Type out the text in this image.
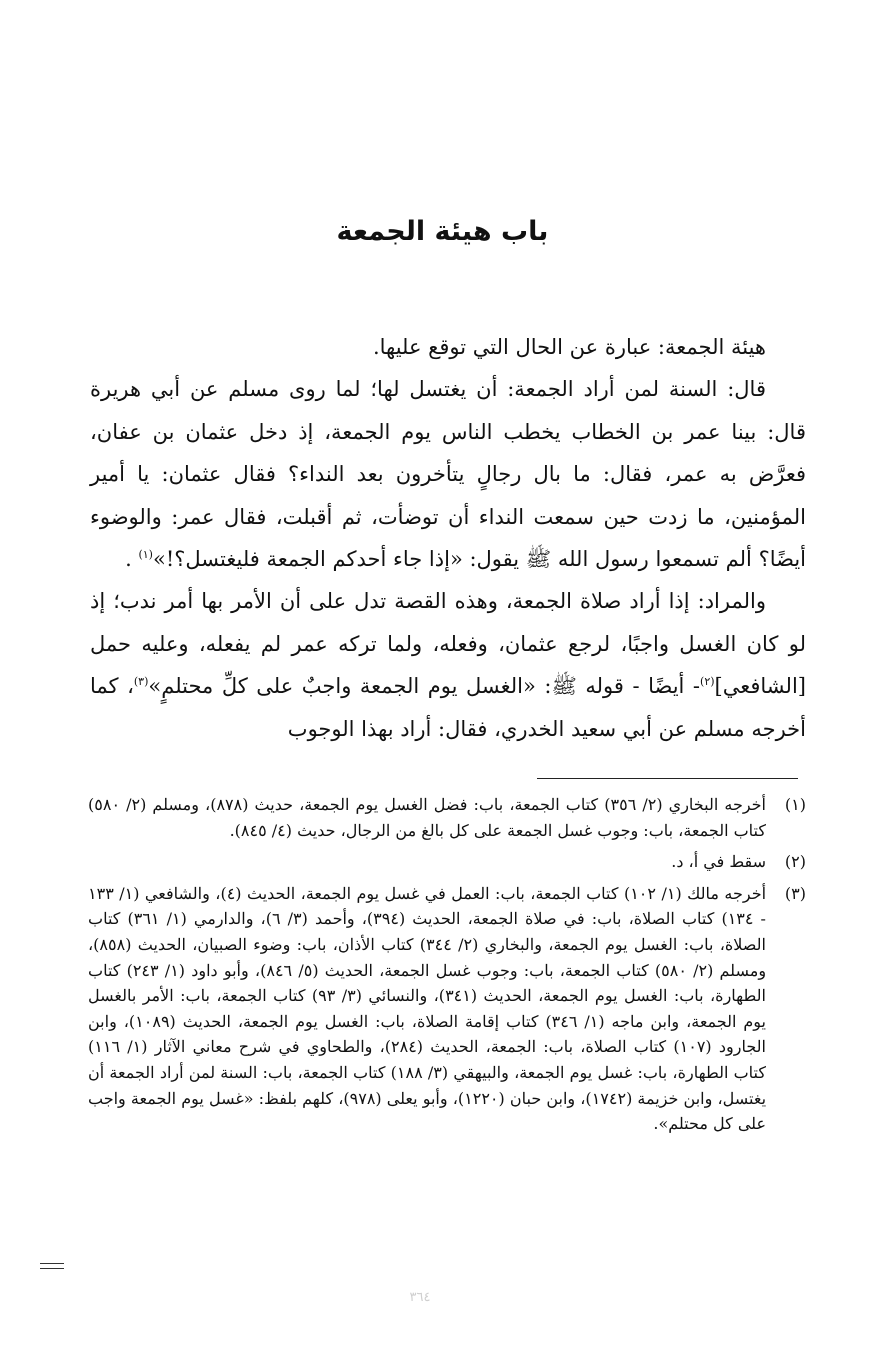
باب هيئة الجمعة

هيئة الجمعة: عبارة عن الحال التي توقع عليها.

قال: السنة لمن أراد الجمعة: أن يغتسل لها؛ لما روى مسلم عن أبي هريرة قال: بينا عمر بن الخطاب يخطب الناس يوم الجمعة، إذ دخل عثمان بن عفان، فعرَّض به عمر، فقال: ما بال رجالٍ يتأخرون بعد النداء؟ فقال عثمان: يا أمير المؤمنين، ما زدت حين سمعت النداء أن توضأت، ثم أقبلت، فقال عمر: والوضوء أيضًا؟ ألم تسمعوا رسول الله ﷺ يقول: «إذا جاء أحدكم الجمعة فليغتسل؟!»$^{(١)}$ .

والمراد: إذا أراد صلاة الجمعة، وهذه القصة تدل على أن الأمر بها أمر ندب؛ إذ لو كان الغسل واجبًا، لرجع عثمان، وفعله، ولما تركه عمر لم يفعله، وعليه حمل [الشافعي]$^{(٢)}$- أيضًا - قوله ﷺ: «الغسل يوم الجمعة واجبٌ على كلِّ محتلمٍ»$^{(٣)}$، كما أخرجه مسلم عن أبي سعيد الخدري، فقال: أراد بهذا الوجوب

(١)
أخرجه البخاري (٢/ ٣٥٦) كتاب الجمعة، باب: فضل الغسل يوم الجمعة، حديث (٨٧٨)، ومسلم (٢/ ٥٨٠) كتاب الجمعة، باب: وجوب غسل الجمعة على كل بالغ من الرجال، حديث (٤/ ٨٤٥).
(٢)
سقط في أ، د.
(٣)
أخرجه مالك (١/ ١٠٢) كتاب الجمعة، باب: العمل في غسل يوم الجمعة، الحديث (٤)، والشافعي (١/ ١٣٣ - ١٣٤) كتاب الصلاة، باب: في صلاة الجمعة، الحديث (٣٩٤)، وأحمد (٣/ ٦)، والدارمي (١/ ٣٦١) كتاب الصلاة، باب: الغسل يوم الجمعة، والبخاري (٢/ ٣٤٤) كتاب الأذان، باب: وضوء الصبيان، الحديث (٨٥٨)، ومسلم (٢/ ٥٨٠) كتاب الجمعة، باب: وجوب غسل الجمعة، الحديث (٥/ ٨٤٦)، وأبو داود (١/ ٢٤٣) كتاب الطهارة، باب: الغسل يوم الجمعة، الحديث (٣٤١)، والنسائي (٣/ ٩٣) كتاب الجمعة، باب: الأمر بالغسل يوم الجمعة، وابن ماجه (١/ ٣٤٦) كتاب إقامة الصلاة، باب: الغسل يوم الجمعة، الحديث (١٠٨٩)، وابن الجارود (١٠٧) كتاب الصلاة، باب: الجمعة، الحديث (٢٨٤)، والطحاوي في شرح معاني الآثار (١/ ١١٦) كتاب الطهارة، باب: غسل يوم الجمعة، والبيهقي (٣/ ١٨٨) كتاب الجمعة، باب: السنة لمن أراد الجمعة أن يغتسل، وابن خزيمة (١٧٤٢)، وابن حبان (١٢٢٠)، وأبو يعلى (٩٧٨)، كلهم بلفظ: «غسل يوم الجمعة واجب على كل محتلم».
٣٦٤
